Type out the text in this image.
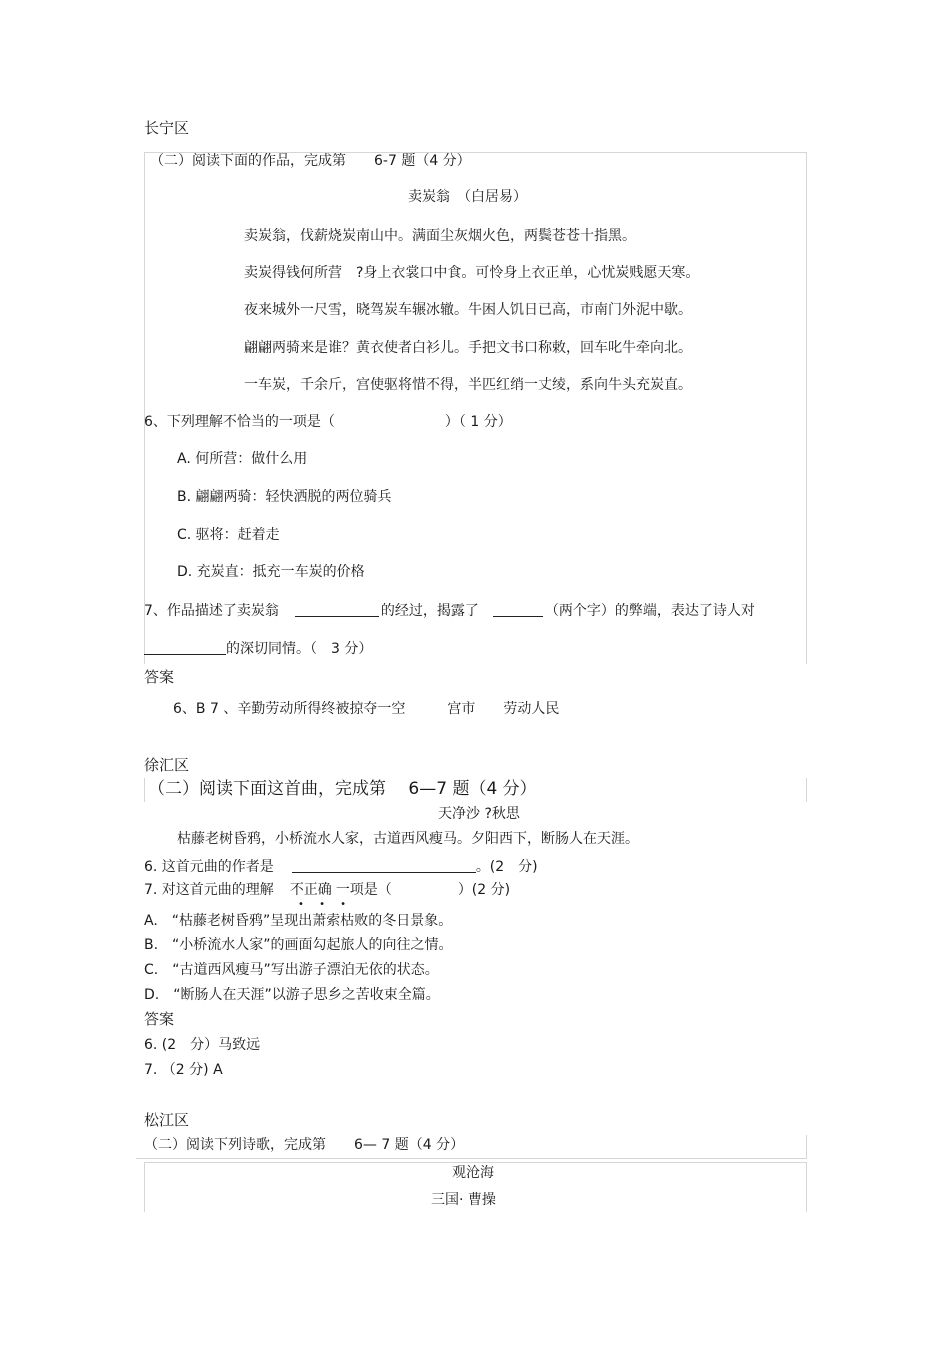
长宁区
（二）阅读下面的作品，完成第　　6-7 题（4 分）
卖炭翁　（白居易）
卖炭翁，伐薪烧炭南山中。满面尘灰烟火色，两鬓苍苍十指黑。
卖炭得钱何所营　?身上衣裳口中食。可怜身上衣正单，心忧炭贱愿天寒。
夜来城外一尺雪，晓驾炭车辗冰辙。牛困人饥日已高，市南门外泥中歇。
翩翩两骑来是谁？黄衣使者白衫儿。手把文书口称敕，回车叱牛牵向北。
一车炭，千余斤，宫使驱将惜不得，半匹红绡一丈绫，系向牛头充炭直。
6、下列理解不恰当的一项是（	）（ 1 分）
A. 何所营：做什么用
B. 翩翩两骑：轻快洒脱的两位骑兵
C. 驱将：赶着走
D. 充炭直：抵充一车炭的价格
7、作品描述了卖炭翁	的经过，揭露了	（两个字）的弊端，表达了诗人对
的深切同情。（　3 分）
答案
6、B 7 、辛勤劳动所得终被掠夺一空　　　宫市　　劳动人民
徐汇区
（二）阅读下面这首曲，完成第　 6—7 题（4 分）
天净沙 ?秋思
枯藤老树昏鸦，小桥流水人家，古道西风瘦马。夕阳西下，断肠人在天涯。
6. 这首元曲的作者是	。(2　分)
7. 对这首元曲的理解 不正确 一项是（	）(2 分)
• • •
A.　“枯藤老树昏鸦”呈现出萧索枯败的冬日景象。
B.　“小桥流水人家”的画面勾起旅人的向往之情。
C.　“古道西风瘦马”写出游子漂泊无依的状态。
D.　“断肠人在天涯”以游子思乡之苦收束全篇。
答案
6. (2　分）马致远
7. （2 分) A
松江区
（二）阅读下列诗歌，完成第　　6— 7 题（4 分）
观沧海
三国· 曹操
